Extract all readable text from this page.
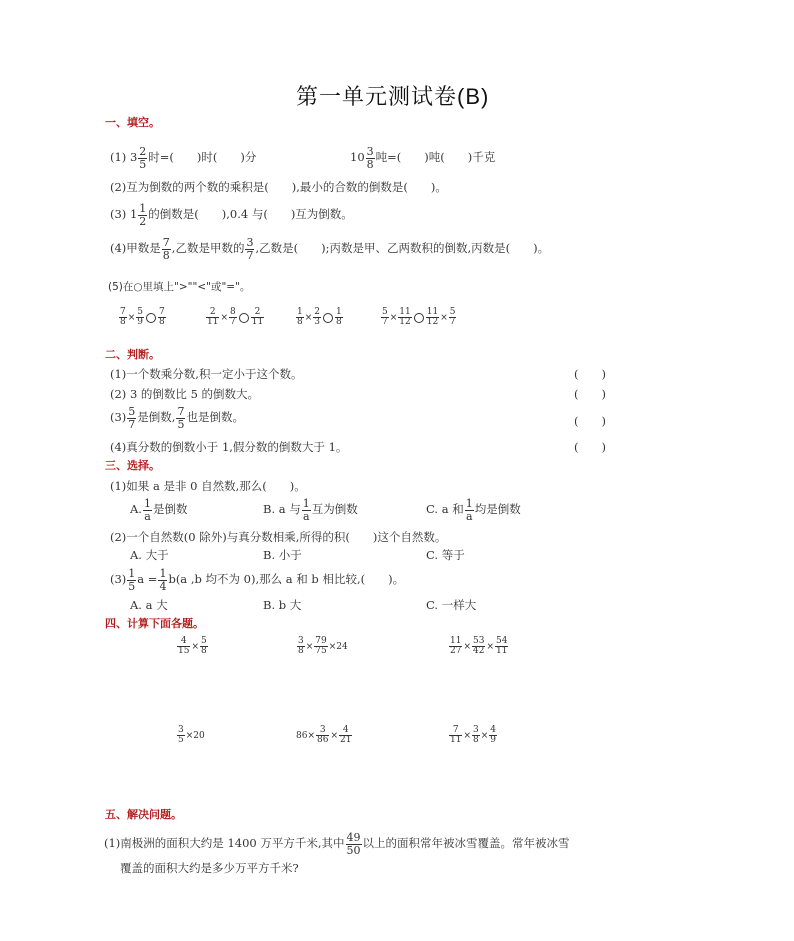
第一单元测试卷(B)
一、填空。
(1) $3 \frac{2}{5}$ 时=(　　)时(　　)分	$10 \frac{3}{8}$ 吨=(　　)吨(　　)千克
(2)互为倒数的两个数的乘积是(　　),最小的合数的倒数是(　　)。
(3) $1 \frac{1}{2}$ 的倒数是(　　),0.4 与(　　)互为倒数。
(4)甲数是 $\frac{7}{8}$ ,乙数是甲数的 $\frac{3}{7}$ ,乙数是(　　);丙数是甲、乙两数积的倒数,丙数是(　　)。
(5)在○里填上">""<"或"="。
$\frac{7}{8} \times \frac{5}{9} \frac{7}{8}$	$\frac{2}{11} \times \frac{8}{7} \frac{2}{11}$	$\frac{1}{8} \times \frac{2}{3} \frac{1}{8}$	$\frac{5}{7} \times \frac{11}{12} \frac{11}{12} \times \frac{5}{7}$
二、判断。
(1)一个数乘分数,积一定小于这个数。	(　　)
(2) 3 的倒数比 5 的倒数大。	(　　)
$(3) \frac{5}{7}$ 是倒数, $\frac{7}{5}$ 也是倒数。	(　　)
(4)真分数的倒数小于 1,假分数的倒数大于 1。	(　　)
三、选择。
(1)如果 a 是非 0 自然数,那么(　　)。
A. $\frac{1}{a}$ 是倒数	B. a 与 $\frac{1}{a}$ 互为倒数	C. a 和 $\frac{1}{a}$ 均是倒数
(2)一个自然数(0 除外)与真分数相乘,所得的积(　　)这个自然数。
A. 大于	B. 小于	C. 等于
$(3) \frac{1}{5}$ $a = \frac{1}{4} b(a$ ,b 均不为 0),那么 a 和 b 相比较,(　　)。
A. a 大	B. b 大	C. 一样大
四、计算下面各题。
$\frac{4}{15} \times \frac{5}{8}$	$\frac{3}{8} \times \frac{79}{75} \times 24$	$\frac{11}{27} \times \frac{53}{42} \times \frac{54}{11}$
$\frac{3}{5} \times 20$	$86\times \frac{3}{86} \times \frac{4}{21}$	$\frac{7}{11} \times \frac{3}{8} \times \frac{4}{9}$
五、解决问题。
(1)南极洲的面积大约是 1400 万平方千米,其中 $\frac{49}{50}$ 以上的面积常年被冰雪覆盖。常年被冰雪
覆盖的面积大约是多少万平方千米?
